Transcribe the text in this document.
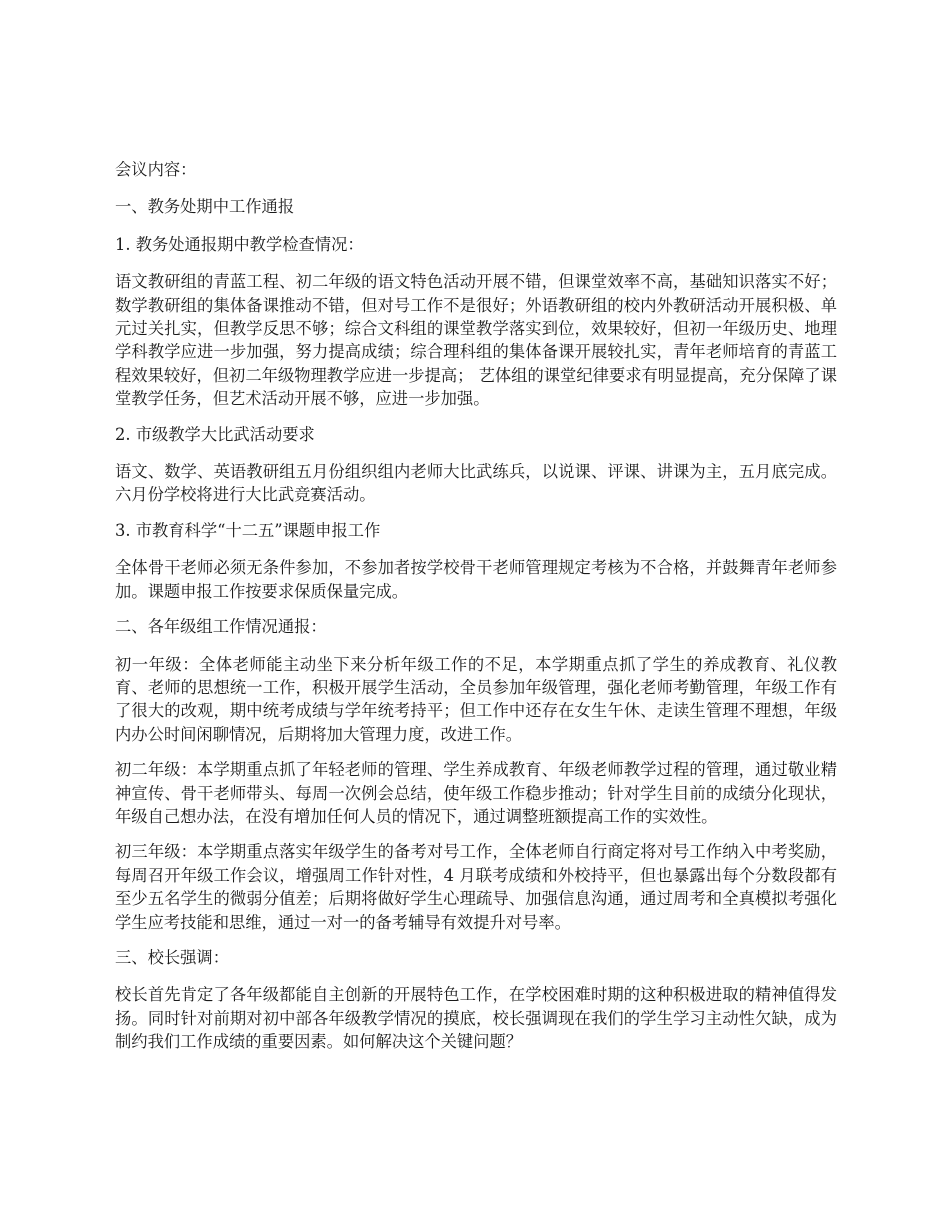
会议内容：

一、教务处期中工作通报

1. 教务处通报期中教学检查情况：

语文教研组的青蓝工程、初二年级的语文特色活动开展不错，但课堂效率不高，基础知识落实不好；数学教研组的集体备课推动不错，但对号工作不是很好；外语教研组的校内外教研活动开展积极、单元过关扎实，但教学反思不够；综合文科组的课堂教学落实到位，效果较好，但初一年级历史、地理学科教学应进一步加强，努力提高成绩；综合理科组的集体备课开展较扎实，青年老师培育的青蓝工程效果较好，但初二年级物理教学应进一步提高； 艺体组的课堂纪律要求有明显提高，充分保障了课堂教学任务，但艺术活动开展不够，应进一步加强。

2. 市级教学大比武活动要求

语文、数学、英语教研组五月份组织组内老师大比武练兵，以说课、评课、讲课为主，五月底完成。六月份学校将进行大比武竞赛活动。

3. 市教育科学“十二五”课题申报工作

全体骨干老师必须无条件参加，不参加者按学校骨干老师管理规定考核为不合格，并鼓舞青年老师参加。课题申报工作按要求保质保量完成。

二、各年级组工作情况通报：

初一年级：全体老师能主动坐下来分析年级工作的不足，本学期重点抓了学生的养成教育、礼仪教育、老师的思想统一工作，积极开展学生活动，全员参加年级管理，强化老师考勤管理，年级工作有了很大的改观，期中统考成绩与学年统考持平；但工作中还存在女生午休、走读生管理不理想，年级内办公时间闲聊情况，后期将加大管理力度，改进工作。

初二年级：本学期重点抓了年轻老师的管理、学生养成教育、年级老师教学过程的管理，通过敬业精神宣传、骨干老师带头、每周一次例会总结，使年级工作稳步推动；针对学生目前的成绩分化现状，年级自己想办法，在没有增加任何人员的情况下，通过调整班额提高工作的实效性。

初三年级：本学期重点落实年级学生的备考对号工作，全体老师自行商定将对号工作纳入中考奖励，每周召开年级工作会议，增强周工作针对性，4 月联考成绩和外校持平，但也暴露出每个分数段都有至少五名学生的微弱分值差；后期将做好学生心理疏导、加强信息沟通，通过周考和全真模拟考强化学生应考技能和思维，通过一对一的备考辅导有效提升对号率。

三、校长强调：

校长首先肯定了各年级都能自主创新的开展特色工作，在学校困难时期的这种积极进取的精神值得发扬。同时针对前期对初中部各年级教学情况的摸底，校长强调现在我们的学生学习主动性欠缺，成为制约我们工作成绩的重要因素。如何解决这个关键问题？
